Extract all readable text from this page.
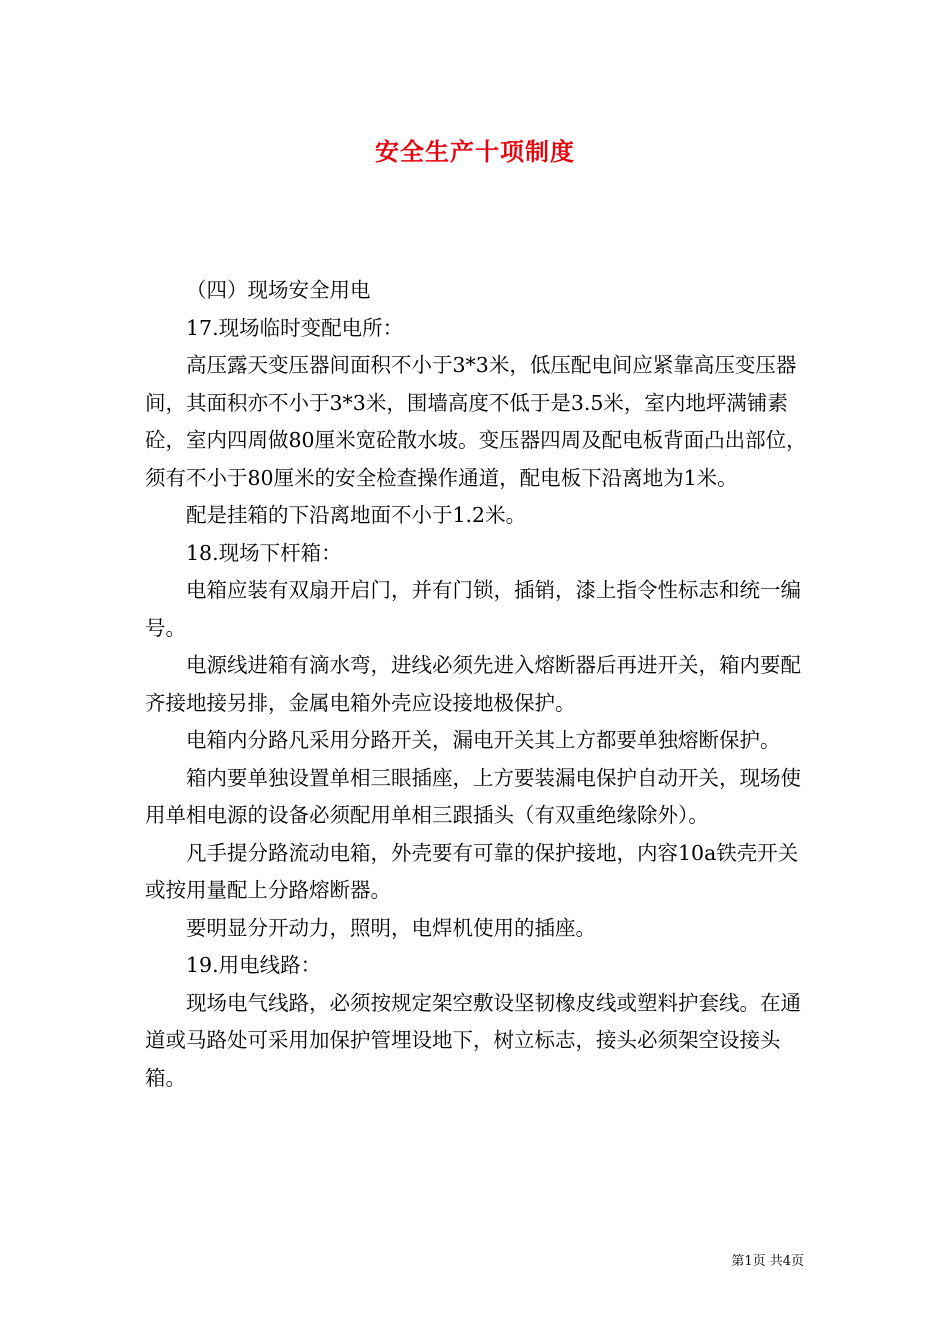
安全生产十项制度

（四）现场安全用电

17.现场临时变配电所：

高压露天变压器间面积不小于3*3米，低压配电间应紧靠高压变压器间，其面积亦不小于3*3米，围墙高度不低于是3.5米，室内地坪满铺素砼，室内四周做80厘米宽砼散水坡。变压器四周及配电板背面凸出部位，须有不小于80厘米的安全检查操作通道，配电板下沿离地为1米。

配是挂箱的下沿离地面不小于1.2米。

18.现场下杆箱：

电箱应装有双扇开启门，并有门锁，插销，漆上指令性标志和统一编号。

电源线进箱有滴水弯，进线必须先进入熔断器后再进开关，箱内要配齐接地接另排，金属电箱外壳应设接地极保护。

电箱内分路凡采用分路开关，漏电开关其上方都要单独熔断保护。

箱内要单独设置单相三眼插座，上方要装漏电保护自动开关，现场使用单相电源的设备必须配用单相三跟插头（有双重绝缘除外）。

凡手提分路流动电箱，外壳要有可靠的保护接地，内容10a铁壳开关或按用量配上分路熔断器。

要明显分开动力，照明，电焊机使用的插座。

19.用电线路：

现场电气线路，必须按规定架空敷设坚韧橡皮线或塑料护套线。在通道或马路处可采用加保护管埋设地下，树立标志，接头必须架空设接头箱。

第1页 共4页
